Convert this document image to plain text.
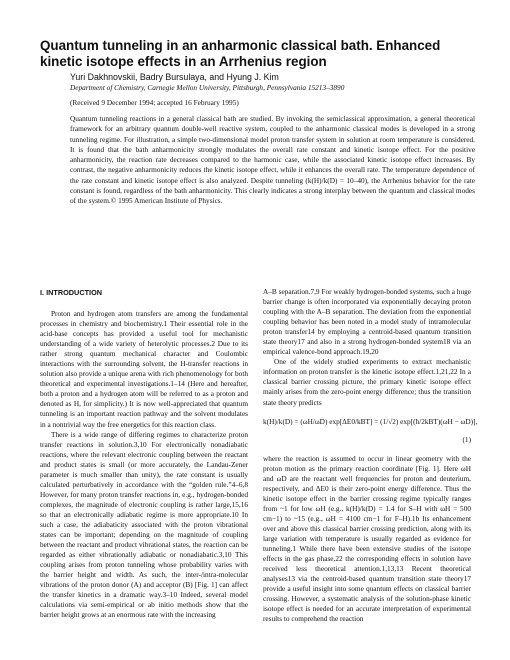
Quantum tunneling in an anharmonic classical bath. Enhanced kinetic isotope effects in an Arrhenius region
Yuri Dakhnovskii, Badry Bursulaya, and Hyung J. Kim
Department of Chemistry, Carnegie Mellon University, Pittsburgh, Pennsylvania 15213–3890
(Received 9 December 1994; accepted 16 February 1995)

Quantum tunneling reactions in a general classical bath are studied. By invoking the semiclassical approximation, a general theoretical framework for an arbitrary quantum double-well reactive system, coupled to the anharmonic classical modes is developed in a strong tunneling regime. For illustration, a simple two-dimensional model proton transfer system in solution at room temperature is considered. It is found that the bath anharmonicity strongly modulates the overall rate constant and kinetic isotope effect. For the positive anharmonicity, the reaction rate decreases compared to the harmonic case, while the associated kinetic isotope effect increases. By contrast, the negative anharmonicity reduces the kinetic isotope effect, while it enhances the overall rate. The temperature dependence of the rate constant and kinetic isotope effect is also analyzed. Despite tunneling (k(H)/k(D) = 10–40), the Arrhenius behavior for the rate constant is found, regardless of the bath anharmonicity. This clearly indicates a strong interplay between the quantum and classical modes of the system.© 1995 American Institute of Physics.

I. INTRODUCTION

Proton and hydrogen atom transfers are among the fundamental processes in chemistry and biochemistry.1 Their essential role in the acid-base concepts has provided a useful tool for mechanistic understanding of a wide variety of heterolytic processes.2 Due to its rather strong quantum mechanical character and Coulombic interactions with the surrounding solvent, the H-transfer reactions in solution also provide a unique arena with rich phenomenology for both theoretical and experimental investigations.1–14 (Here and hereafter, both a proton and a hydrogen atom will be referred to as a proton and denoted as H, for simplicity.) It is now well-appreciated that quantum tunneling is an important reaction pathway and the solvent modulates in a nontrivial way the free energetics for this reaction class.

There is a wide range of differing regimes to characterize proton transfer reactions in solution.3,10 For electronically nonadiabatic reactions, where the relevant electronic coupling between the reactant and product states is small (or more accurately, the Landau-Zener parameter is much smaller than unity), the rate constant is usually calculated perturbatively in accordance with the “golden rule.”4–6,8 However, for many proton transfer reactions in, e.g., hydrogen-bonded complexes, the magnitude of electronic coupling is rather large,15,16 so that an electronically adiabatic regime is more appropriate.10 In such a case, the adiabaticity associated with the proton vibrational states can be important; depending on the magnitude of coupling between the reactant and product vibrational states, the reaction can be regarded as either vibrationally adiabatic or nonadiabatic.3,10 This coupling arises from proton tunneling whose probability varies with the barrier height and width. As such, the inter-/intra-molecular vibrations of the proton donor (A) and acceptor (B) [Fig. 1] can affect the transfer kinetics in a dramatic way.3–10 Indeed, several model calculations via semi-empirical or ab initio methods show that the barrier height grows at an enormous rate with the increasing

A–B separation.7,9 For weakly hydrogen-bonded systems, such a huge barrier change is often incorporated via exponentially decaying proton coupling with the A–B separation. The deviation from the exponential coupling behavior has been noted in a model study of intramolecular proton transfer14 by employing a centroid-based quantum transition state theory17 and also in a strong hydrogen-bonded system18 via an empirical valence-bond approach.19,20

One of the widely studied experiments to extract mechanistic information on proton transfer is the kinetic isotope effect.1,21,22 In a classical barrier crossing picture, the primary kinetic isotope effect mainly arises from the zero-point energy difference; thus the transition state theory predicts

k(H)/k(D) = (ωH/ωD) exp[ΔE0/kBT] = (1/√2) exp[(ħ/2kBT)(ωH − ωD)],
(1)

where the reaction is assumed to occur in linear geometry with the proton motion as the primary reaction coordinate [Fig. 1]. Here ωH and ωD are the reactant well frequencies for proton and deuterium, respectively, and ΔE0 is their zero-point energy difference. Thus the kinetic isotope effect in the barrier crossing regime typically ranges from ~1 for low ωH (e.g., k(H)/k(D) = 1.4 for S–H with ωH = 500 cm−1) to ~15 (e.g., ωH = 4100 cm−1 for F–H).1b Its enhancement over and above this classical barrier crossing prediction, along with its large variation with temperature is usually regarded as evidence for tunneling.1 While there have been extensive studies of the isotope effects in the gas phase,22 the corresponding effects in solution have received less theoretical attention.1,13,13 Recent theoretical analyses13 via the centroid-based quantum transition state theory17 provide a useful insight into some quantum effects on classical barrier crossing. However, a systematic analysis of the solution-phase kinetic isotope effect is needed for an accurate interpretation of experimental results to comprehend the reaction
